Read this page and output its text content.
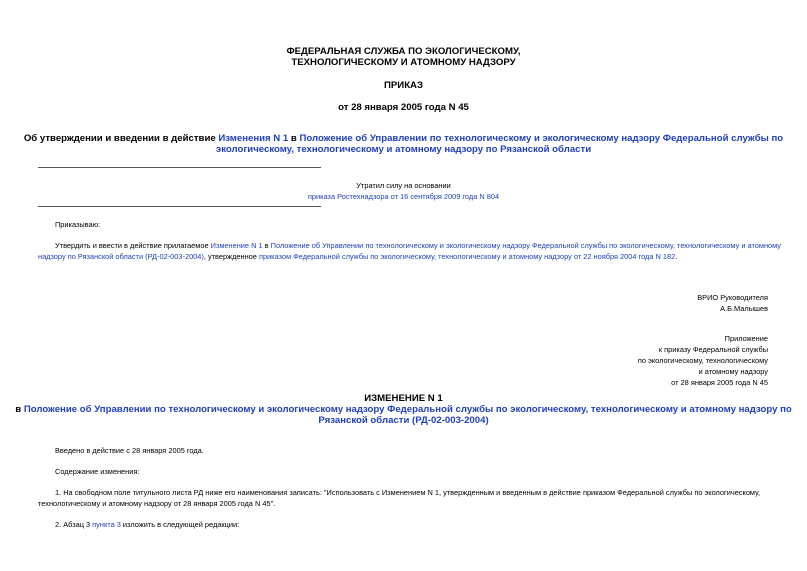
ФЕДЕРАЛЬНАЯ СЛУЖБА ПО ЭКОЛОГИЧЕСКОМУ,
ТЕХНОЛОГИЧЕСКОМУ И АТОМНОМУ НАДЗОРУ
ПРИКАЗ
от 28 января 2005 года N 45
Об утверждении и введении в действие Изменения N 1 в Положение об Управлении по технологическому и экологическому надзору Федеральной службы по
экологическому, технологическому и атомному надзору по Рязанской области
Утратил силу на основании
приказа Ростехнадзора от 16 сентября 2009 года N 804
Приказываю:
Утвердить и ввести в действие прилагаемое Изменение N 1 в Положение об Управлении по технологическому и экологическому надзору Федеральной службы по экологическому, технологическому и атомному
надзору по Рязанской области (РД-02-003-2004), утвержденное приказом Федеральной службы по экологическому, технологическому и атомному надзору от 22 ноября 2004 года N 182.
ВРИО Руководителя
А.Б.Малышев
Приложение
к приказу Федеральной службы
по экологическому, технологическому
и атомному надзору
от 28 января 2005 года N 45
ИЗМЕНЕНИЕ N 1
в Положение об Управлении по технологическому и экологическому надзору Федеральной службы по экологическому, технологическому и атомному надзору по
Рязанской области (РД-02-003-2004)
Введено в действие с 28 января 2005 года.
Содержание изменения:
1. На свободном поле титульного листа РД ниже его наименования записать: "Использовать с Изменением N 1, утвержденным и введенным в действие приказом Федеральной службы по экологическому,
технологическому и атомному надзору от 28 января 2005 года N 45".
2. Абзац 3 пункта 3 изложить в следующей редакции:
